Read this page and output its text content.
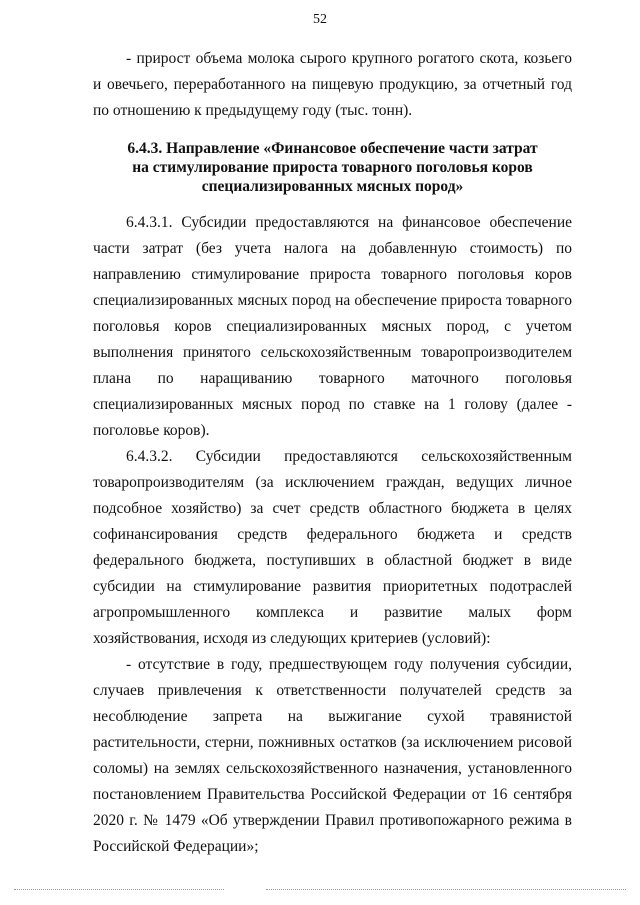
52

- прирост объема молока сырого крупного рогатого скота, козьего и овечьего, переработанного на пищевую продукцию, за отчетный год по отношению к предыдущему году (тыс. тонн).

6.4.3. Направление «Финансовое обеспечение части затрат
на стимулирование прироста товарного поголовья коров
специализированных мясных пород»

6.4.3.1. Субсидии предоставляются на финансовое обеспечение части затрат (без учета налога на добавленную стоимость) по направлению стимулирование прироста товарного поголовья коров специализированных мясных пород на обеспечение прироста товарного поголовья коров специализированных мясных пород, с учетом выполнения принятого сельскохозяйственным товаропроизводителем плана по наращиванию товарного маточного поголовья специализированных мясных пород по ставке на 1 голову (далее - поголовье коров).

6.4.3.2. Субсидии предоставляются сельскохозяйственным товаропроизводителям (за исключением граждан, ведущих личное подсобное хозяйство) за счет средств областного бюджета в целях софинансирования средств федерального бюджета и средств федерального бюджета, поступивших в областной бюджет в виде субсидии на стимулирование развития приоритетных подотраслей агропромышленного комплекса и развитие малых форм хозяйствования, исходя из следующих критериев (условий):

- отсутствие в году, предшествующем году получения субсидии, случаев привлечения к ответственности получателей средств за несоблюдение запрета на выжигание сухой травянистой растительности, стерни, пожнивных остатков (за исключением рисовой соломы) на землях сельскохозяйственного назначения, установленного постановлением Правительства Российской Федерации от 16 сентября 2020 г. № 1479 «Об утверждении Правил противопожарного режима в Российской Федерации»;
